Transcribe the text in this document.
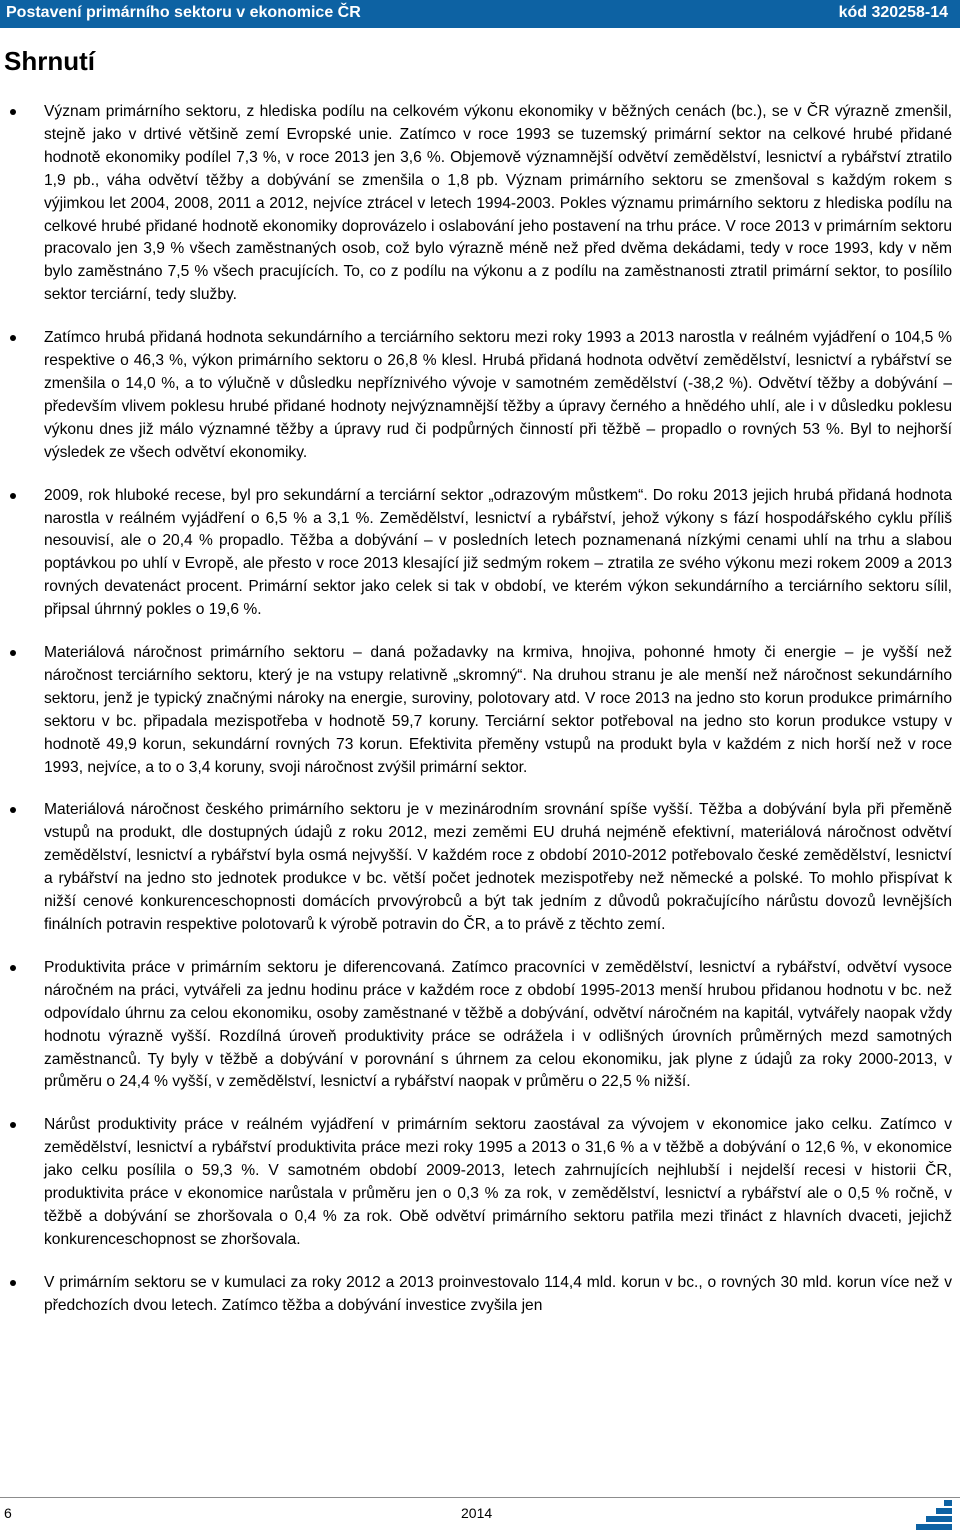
Postavení primárního sektoru v ekonomice ČR	kód 320258-14
Shrnutí
Význam primárního sektoru, z hlediska podílu na celkovém výkonu ekonomiky v běžných cenách (bc.), se v ČR výrazně zmenšil, stejně jako v drtivé většině zemí Evropské unie. Zatímco v roce 1993 se tuzemský primární sektor na celkové hrubé přidané hodnotě ekonomiky podílel 7,3 %, v roce 2013 jen 3,6 %. Objemově významnější odvětví zemědělství, lesnictví a rybářství ztratilo 1,9 pb., váha odvětví těžby a dobývání se zmenšila o 1,8 pb. Význam primárního sektoru se zmenšoval s každým rokem s výjimkou let 2004, 2008, 2011 a 2012, nejvíce ztrácel v letech 1994-2003. Pokles významu primárního sektoru z hlediska podílu na celkové hrubé přidané hodnotě ekonomiky doprovázelo i oslabování jeho postavení na trhu práce. V roce 2013 v primárním sektoru pracovalo jen 3,9 % všech zaměstnaných osob, což bylo výrazně méně než před dvěma dekádami, tedy v roce 1993, kdy v něm bylo zaměstnáno 7,5 % všech pracujících. To, co z podílu na výkonu a z podílu na zaměstnanosti ztratil primární sektor, to posílilo sektor terciární, tedy služby.
Zatímco hrubá přidaná hodnota sekundárního a terciárního sektoru mezi roky 1993 a 2013 narostla v reálném vyjádření o 104,5 % respektive o 46,3 %, výkon primárního sektoru o 26,8 % klesl. Hrubá přidaná hodnota odvětví zemědělství, lesnictví a rybářství se zmenšila o 14,0 %, a to výlučně v důsledku nepříznivého vývoje v samotném zemědělství (-38,2 %). Odvětví těžby a dobývání – především vlivem poklesu hrubé přidané hodnoty nejvýznamnější těžby a úpravy černého a hnědého uhlí, ale i v důsledku poklesu výkonu dnes již málo významné těžby a úpravy rud či podpůrných činností při těžbě – propadlo o rovných 53 %. Byl to nejhorší výsledek ze všech odvětví ekonomiky.
2009, rok hluboké recese, byl pro sekundární a terciární sektor „odrazovým můstkem“. Do roku 2013 jejich hrubá přidaná hodnota narostla v reálném vyjádření o 6,5 % a 3,1 %. Zemědělství, lesnictví a rybářství, jehož výkony s fází hospodářského cyklu příliš nesouvisí, ale o 20,4 % propadlo. Těžba a dobývání – v posledních letech poznamenaná nízkými cenami uhlí na trhu a slabou poptávkou po uhlí v Evropě, ale přesto v roce 2013 klesající již sedmým rokem – ztratila ze svého výkonu mezi rokem 2009 a 2013 rovných devatenáct procent. Primární sektor jako celek si tak v období, ve kterém výkon sekundárního a terciárního sektoru sílil, připsal úhrnný pokles o 19,6 %.
Materiálová náročnost primárního sektoru – daná požadavky na krmiva, hnojiva, pohonné hmoty či energie – je vyšší než náročnost terciárního sektoru, který je na vstupy relativně „skromný“. Na druhou stranu je ale menší než náročnost sekundárního sektoru, jenž je typický značnými nároky na energie, suroviny, polotovary atd. V roce 2013 na jedno sto korun produkce primárního sektoru v bc. připadala mezispotřeba v hodnotě 59,7 koruny. Terciární sektor potřeboval na jedno sto korun produkce vstupy v hodnotě 49,9 korun, sekundární rovných 73 korun. Efektivita přeměny vstupů na produkt byla v každém z nich horší než v roce 1993, nejvíce, a to o 3,4 koruny, svoji náročnost zvýšil primární sektor.
Materiálová náročnost českého primárního sektoru je v mezinárodním srovnání spíše vyšší. Těžba a dobývání byla při přeměně vstupů na produkt, dle dostupných údajů z roku 2012, mezi zeměmi EU druhá nejméně efektivní, materiálová náročnost odvětví zemědělství, lesnictví a rybářství byla osmá nejvyšší. V každém roce z období 2010-2012 potřebovalo české zemědělství, lesnictví a rybářství na jedno sto jednotek produkce v bc. větší počet jednotek mezispotřeby než německé a polské. To mohlo přispívat k nižší cenové konkurenceschopnosti domácích prvovýrobců a být tak jedním z důvodů pokračujícího nárůstu dovozů levnějších finálních potravin respektive polotovarů k výrobě potravin do ČR, a to právě z těchto zemí.
Produktivita práce v primárním sektoru je diferencovaná. Zatímco pracovníci v zemědělství, lesnictví a rybářství, odvětví vysoce náročném na práci, vytvářeli za jednu hodinu práce v každém roce z období 1995-2013 menší hrubou přidanou hodnotu v bc. než odpovídalo úhrnu za celou ekonomiku, osoby zaměstnané v těžbě a dobývání, odvětví náročném na kapitál, vytvářely naopak vždy hodnotu výrazně vyšší. Rozdílná úroveň produktivity práce se odráželа i v odlišných úrovních průměrných mezd samotných zaměstnanců. Ty byly v těžbě a dobývání v porovnání s úhrnem za celou ekonomiku, jak plyne z údajů za roky 2000-2013, v průměru o 24,4 % vyšší, v zemědělství, lesnictví a rybářství naopak v průměru o 22,5 % nižší.
Nárůst produktivity práce v reálném vyjádření v primárním sektoru zaostával za vývojem v ekonomice jako celku. Zatímco v zemědělství, lesnictví a rybářství produktivita práce mezi roky 1995 a 2013 o 31,6 % a v těžbě a dobývání o 12,6 %, v ekonomice jako celku posílila o 59,3 %. V samotném období 2009-2013, letech zahrnujících nejhlubší i nejdelší recesi v historii ČR, produktivita práce v ekonomice narůstala v průměru jen o 0,3 % za rok, v zemědělství, lesnictví a rybářství ale o 0,5 % ročně, v těžbě a dobývání se zhoršovala o 0,4 % za rok. Obě odvětví primárního sektoru patřila mezi třináct z hlavních dvaceti, jejichž konkurenceschopnost se zhoršovala.
V primárním sektoru se v kumulaci za roky 2012 a 2013 proinvestovalo 114,4 mld. korun v bc., o rovných 30 mld. korun více než v předchozích dvou letech. Zatímco těžba a dobývání investice zvyšila jen
6	2014
